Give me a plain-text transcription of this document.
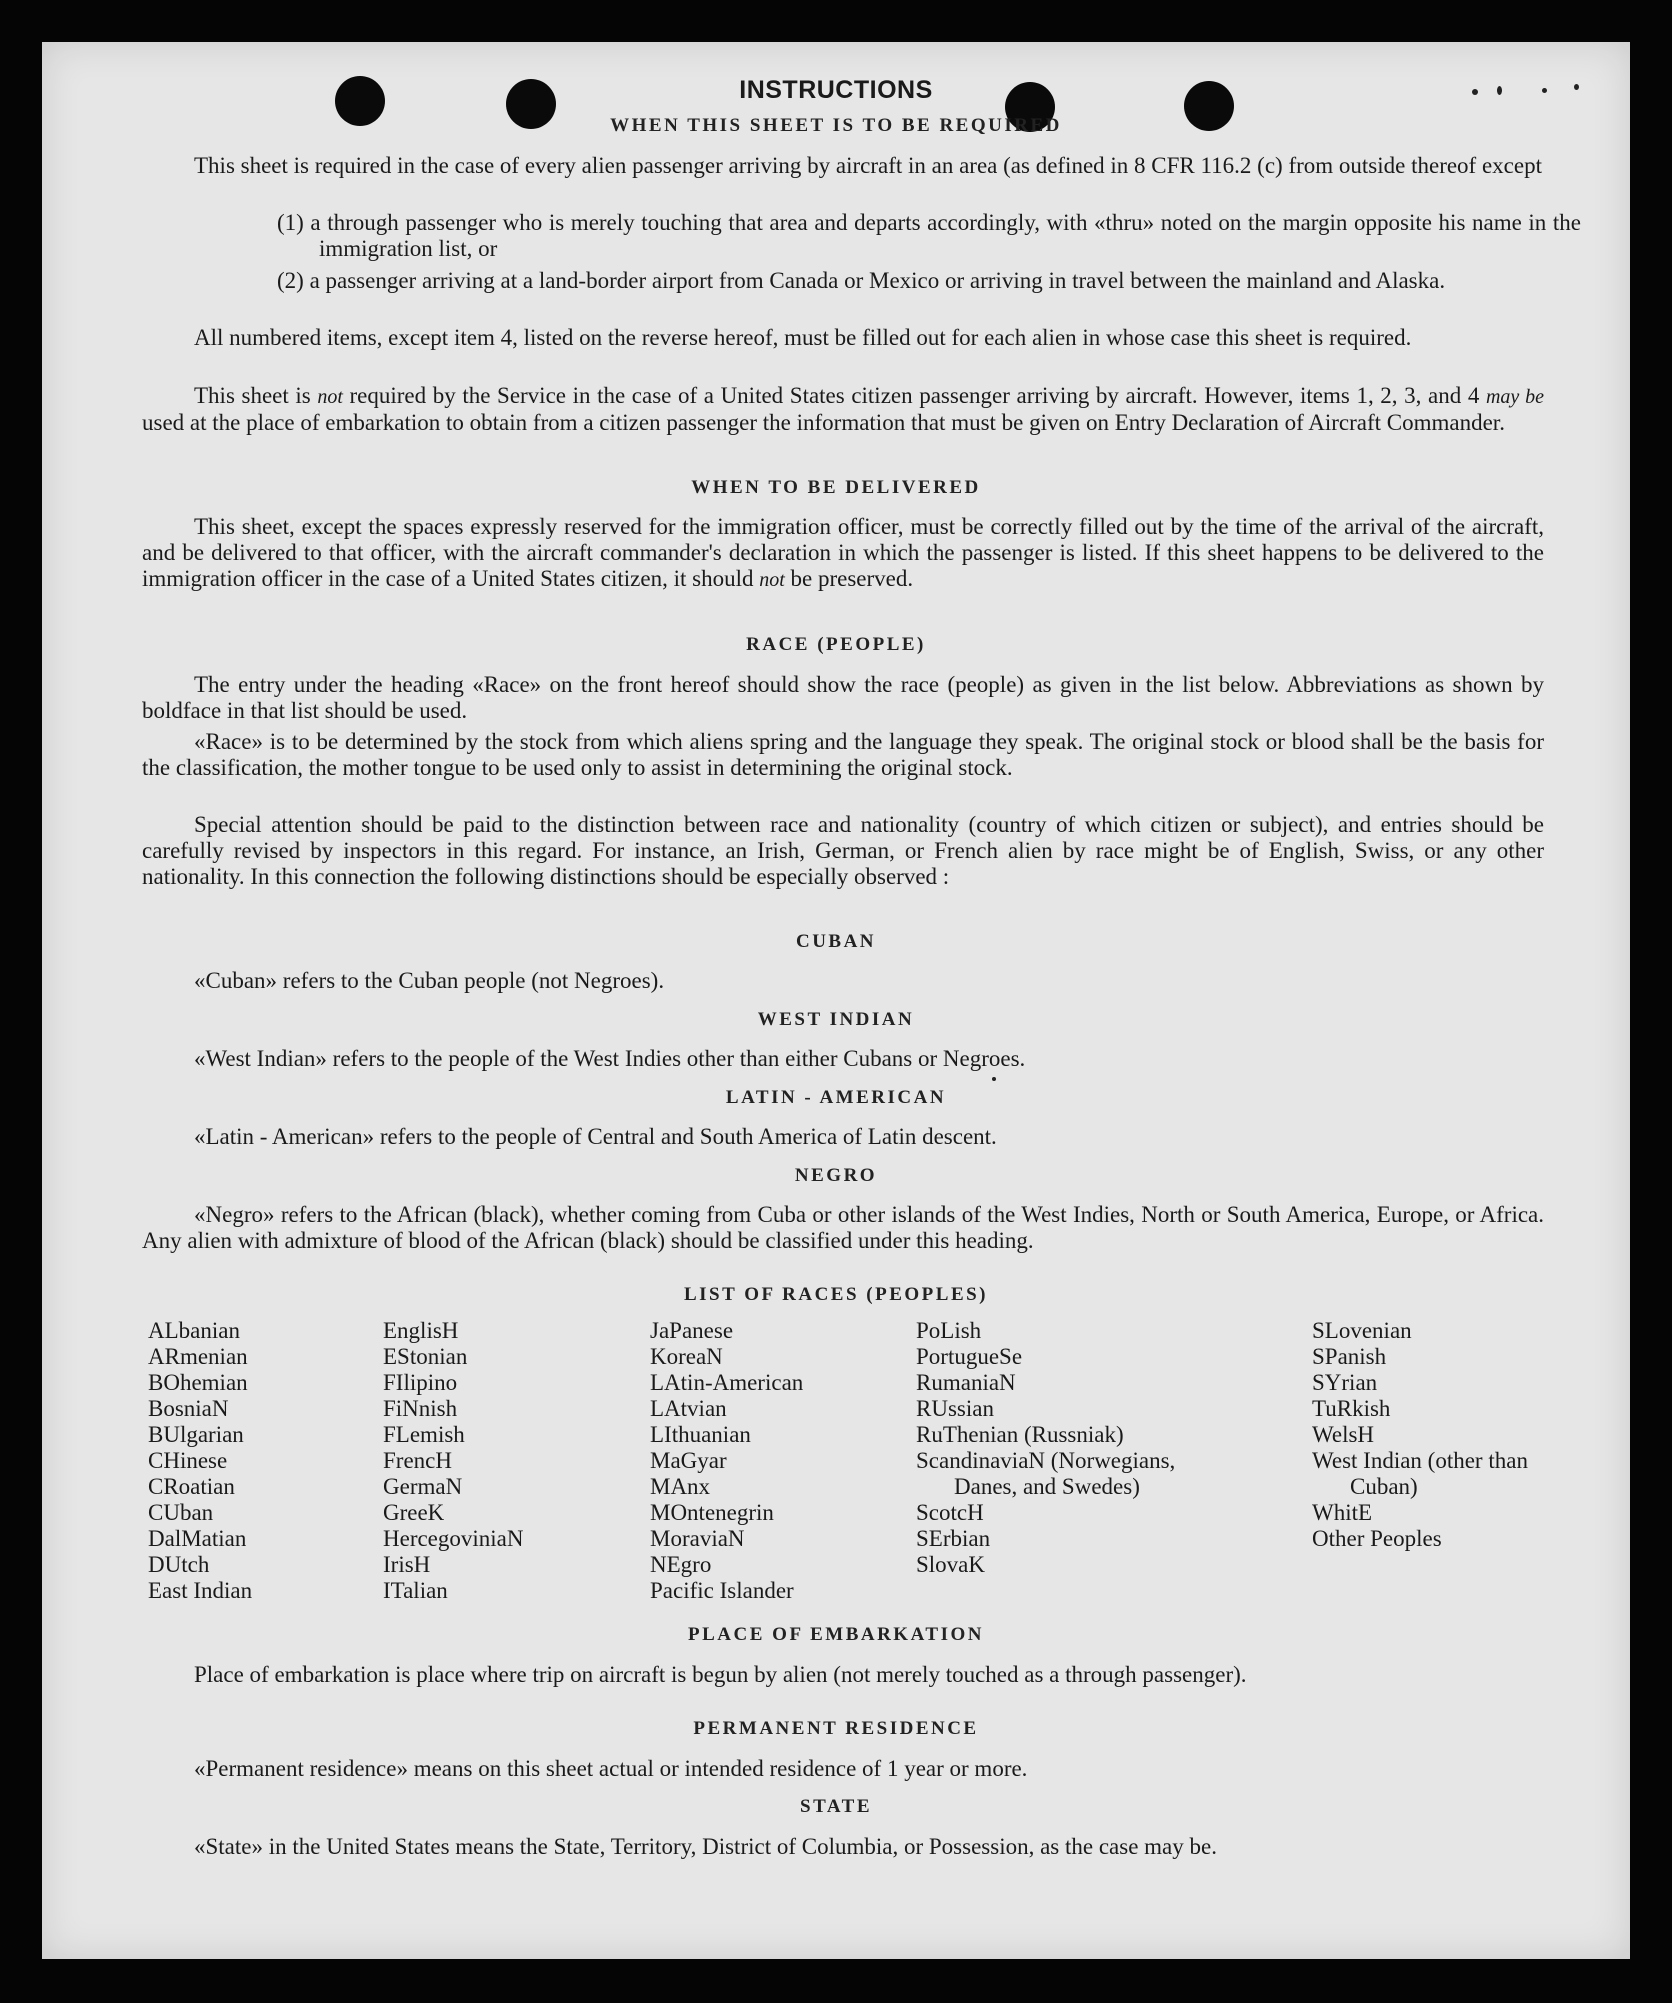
INSTRUCTIONS
WHEN THIS SHEET IS TO BE REQUIRED
This sheet is required in the case of every alien passenger arriving by aircraft in an area (as defined in 8 CFR 116.2 (c) from outside thereof except
(1) a through passenger who is merely touching that area and departs accordingly, with «thru» noted on the margin opposite his name in the immigration list, or
(2) a passenger arriving at a land-border airport from Canada or Mexico or arriving in travel between the mainland and Alaska.
All numbered items, except item 4, listed on the reverse hereof, must be filled out for each alien in whose case this sheet is required.
This sheet is not required by the Service in the case of a United States citizen passenger arriving by aircraft. However, items 1, 2, 3, and 4 may be used at the place of embarkation to obtain from a citizen passenger the information that must be given on Entry Declaration of Aircraft Commander.
WHEN TO BE DELIVERED
This sheet, except the spaces expressly reserved for the immigration officer, must be correctly filled out by the time of the arrival of the aircraft, and be delivered to that officer, with the aircraft commander's declaration in which the passenger is listed. If this sheet happens to be delivered to the immigration officer in the case of a United States citizen, it should not be preserved.
RACE (PEOPLE)
The entry under the heading «Race» on the front hereof should show the race (people) as given in the list below. Abbreviations as shown by boldface in that list should be used.
«Race» is to be determined by the stock from which aliens spring and the language they speak. The original stock or blood shall be the basis for the classification, the mother tongue to be used only to assist in determining the original stock.
Special attention should be paid to the distinction between race and nationality (country of which citizen or subject), and entries should be carefully revised by inspectors in this regard. For instance, an Irish, German, or French alien by race might be of English, Swiss, or any other nationality. In this connection the following distinctions should be especially observed :
CUBAN
«Cuban» refers to the Cuban people (not Negroes).
WEST INDIAN
«West Indian» refers to the people of the West Indies other than either Cubans or Negroes.
LATIN - AMERICAN
«Latin - American» refers to the people of Central and South America of Latin descent.
NEGRO
«Negro» refers to the African (black), whether coming from Cuba or other islands of the West Indies, North or South America, Europe, or Africa. Any alien with admixture of blood of the African (black) should be classified under this heading.
LIST OF RACES (PEOPLES)
ALbanian
ARmenian
BOhemian
BosniaN
BUlgarian
CHinese
CRoatian
CUban
DalMatian
DUtch
East Indian
EnglisH
EStonian
FIlipino
FiNnish
FLemish
FrencH
GermaN
GreeK
HercegoviniaN
IrisH
ITalian
JaPanese
KoreaN
LAtin-American
LAtvian
LIthuanian
MaGyar
MAnx
MOntenegrin
MoraviaN
NEgro
Pacific Islander
PoLish
PortugueSe
RumaniaN
RUssian
RuThenian (Russniak)
ScandinaviaN (Norwegians, Danes, and Swedes)
ScotcH
SErbian
SlovaK
SLovenian
SPanish
SYrian
TuRkish
WelsH
West Indian (other than Cuban)
WhitE
Other Peoples
PLACE OF EMBARKATION
Place of embarkation is place where trip on aircraft is begun by alien (not merely touched as a through passenger).
PERMANENT RESIDENCE
«Permanent residence» means on this sheet actual or intended residence of 1 year or more.
STATE
«State» in the United States means the State, Territory, District of Columbia, or Possession, as the case may be.
